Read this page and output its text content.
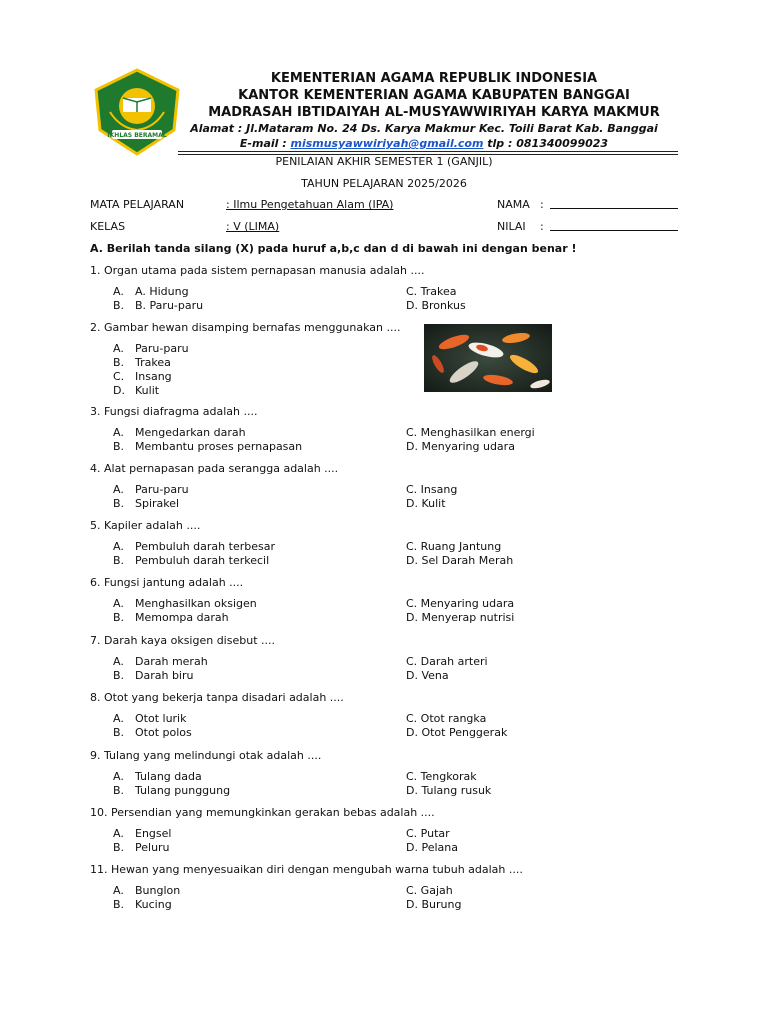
IKHLAS BERAMAL
KEMENTERIAN AGAMA REPUBLIK INDONESIA
KANTOR KEMENTERIAN AGAMA KABUPATEN BANGGAI
MADRASAH IBTIDAIYAH AL-MUSYAWWIRIYAH KARYA MAKMUR
Alamat : Jl.Mataram No. 24 Ds. Karya Makmur Kec. Toili Barat Kab. Banggai
E-mail : mismusyawwiriyah@gmail.com tlp : 081340099023
PENILAIAN AKHIR SEMESTER 1 (GANJIL)
TAHUN PELAJARAN 2025/2026
MATA PELAJARAN	: Ilmu Pengetahuan Alam (IPA)
KELAS	: V (LIMA)
NAMA :
NILAI :
A. Berilah tanda silang (X) pada huruf a,b,c dan d di bawah ini dengan benar !
1. Organ utama pada sistem pernapasan manusia adalah ....
A. A. Hidung
B. B. Paru-paru
C. Trakea
D. Bronkus
2. Gambar hewan disamping bernafas menggunakan ....
A. Paru-paru
B. Trakea
C. Insang
D. Kulit
3. Fungsi diafragma adalah ....
A. Mengedarkan darah
B. Membantu proses pernapasan
C. Menghasilkan energi
D. Menyaring udara
4. Alat pernapasan pada serangga adalah ....
A. Paru-paru
B. Spirakel
C. Insang
D. Kulit
5. Kapiler adalah ....
A. Pembuluh darah terbesar
B. Pembuluh darah terkecil
C. Ruang Jantung
D. Sel Darah Merah
6. Fungsi jantung adalah ....
A. Menghasilkan oksigen
B. Memompa darah
C. Menyaring udara
D. Menyerap nutrisi
7. Darah kaya oksigen disebut ....
A. Darah merah
B. Darah biru
C. Darah arteri
D. Vena
8. Otot yang bekerja tanpa disadari adalah ....
A. Otot lurik
B. Otot polos
C. Otot rangka
D. Otot Penggerak
9. Tulang yang melindungi otak adalah ....
A. Tulang dada
B. Tulang punggung
C. Tengkorak
D. Tulang rusuk
10. Persendian yang memungkinkan gerakan bebas adalah ....
A. Engsel
B. Peluru
C. Putar
D. Pelana
11. Hewan yang menyesuaikan diri dengan mengubah warna tubuh adalah ....
A. Bunglon
B. Kucing
C. Gajah
D. Burung
